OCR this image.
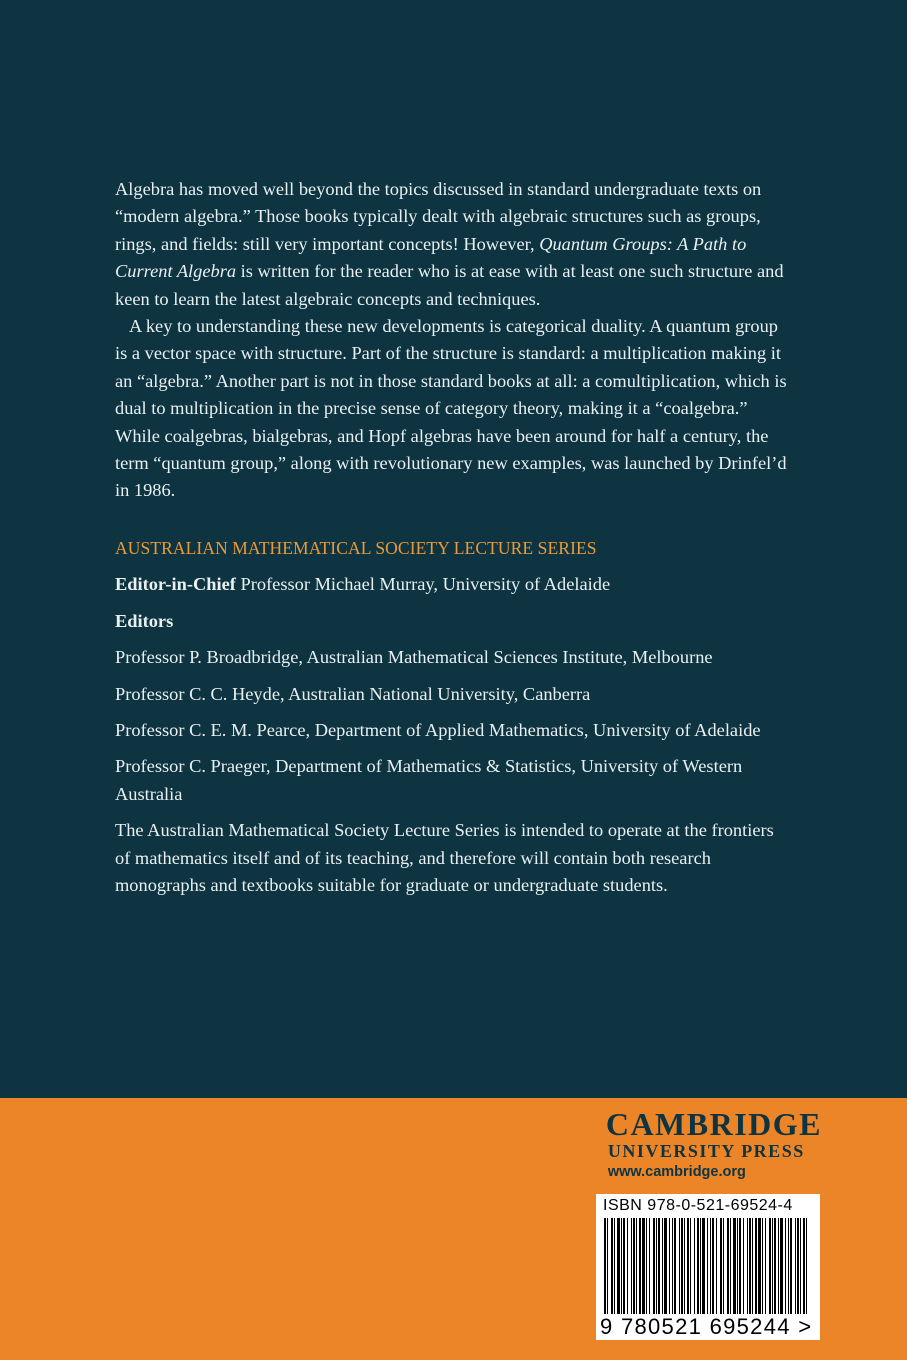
Algebra has moved well beyond the topics discussed in standard undergraduate texts on “modern algebra.” Those books typically dealt with algebraic structures such as groups, rings, and fields: still very important concepts! However, Quantum Groups: A Path to Current Algebra is written for the reader who is at ease with at least one such structure and keen to learn the latest algebraic concepts and techniques.

A key to understanding these new developments is categorical duality. A quantum group is a vector space with structure. Part of the structure is standard: a multiplication making it an “algebra.” Another part is not in those standard books at all: a comultiplication, which is dual to multiplication in the precise sense of category theory, making it a “coalgebra.” While coalgebras, bialgebras, and Hopf algebras have been around for half a century, the term “quantum group,” along with revolutionary new examples, was launched by Drinfel’d in 1986.

AUSTRALIAN MATHEMATICAL SOCIETY LECTURE SERIES

Editor-in-Chief Professor Michael Murray, University of Adelaide

Editors

Professor P. Broadbridge, Australian Mathematical Sciences Institute, Melbourne

Professor C. C. Heyde, Australian National University, Canberra

Professor C. E. M. Pearce, Department of Applied Mathematics, University of Adelaide

Professor C. Praeger, Department of Mathematics & Statistics, University of Western Australia

The Australian Mathematical Society Lecture Series is intended to operate at the frontiers of mathematics itself and of its teaching, and therefore will contain both research monographs and textbooks suitable for graduate or undergraduate students.

CAMBRIDGE
UNIVERSITY PRESS
www.cambridge.org
ISBN 978-0-521-69524-4
9 780521 695244 >
